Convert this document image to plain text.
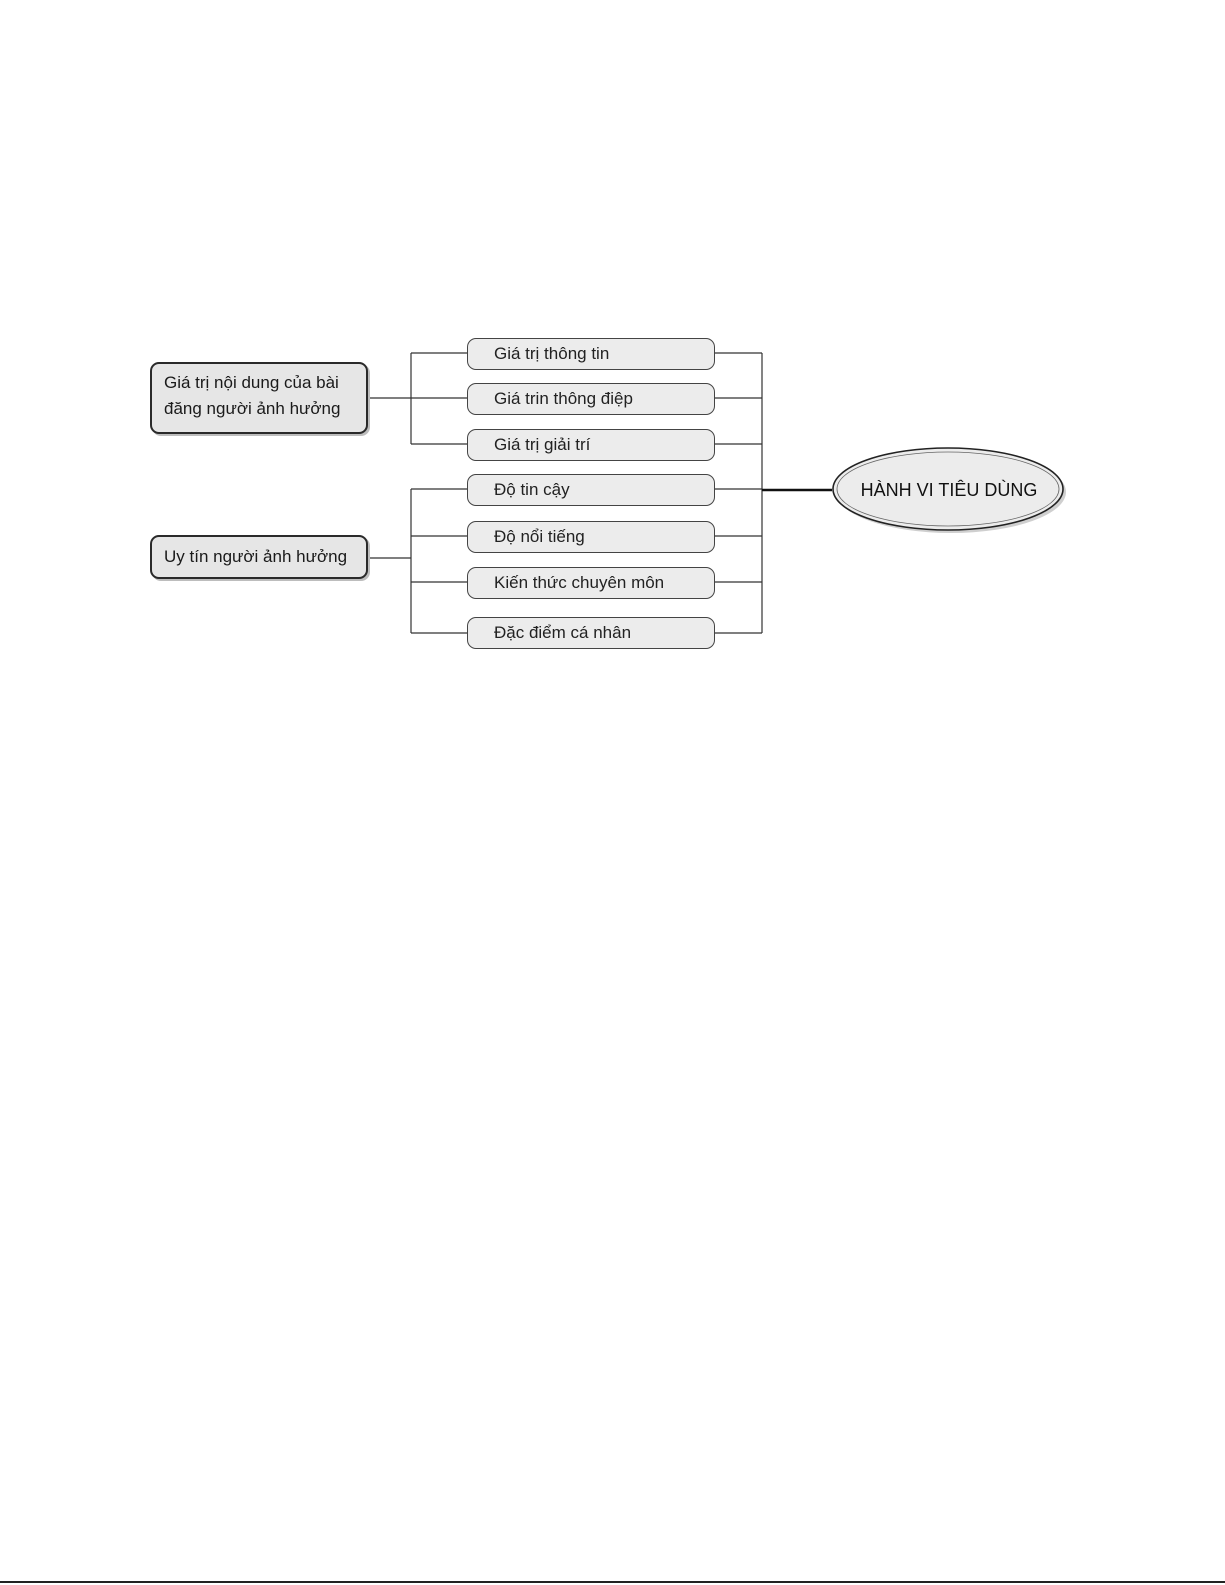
Giá trị nội dung của bài
đăng người ảnh hưởng
Uy tín người ảnh hưởng
Giá trị thông tin
Giá trin thông điệp
Giá trị giải trí
Độ tin cậy
Độ nổi tiếng
Kiến thức chuyên môn
Đặc điểm cá nhân
HÀNH VI TIÊU DÙNG
